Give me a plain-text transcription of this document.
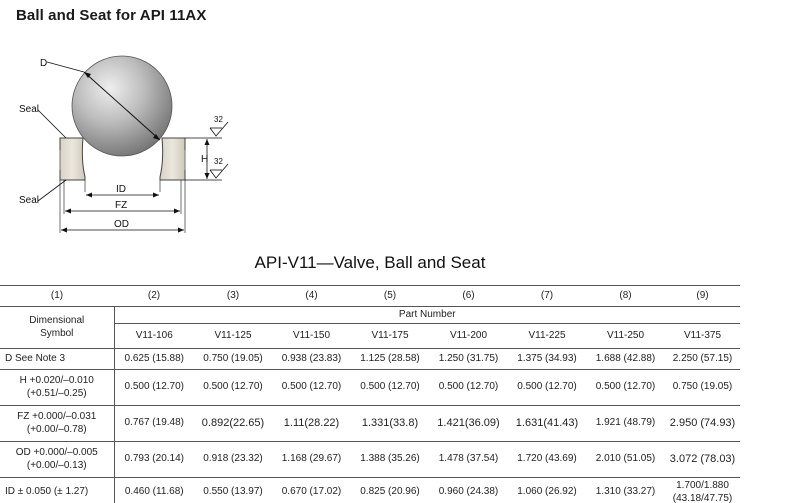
Ball and Seat for API 11AX
D
Seal
Seal
H
32
32
ID
FZ
OD
API-V11—Valve, Ball and Seat
(1)	(2)	(3)	(4)	(5)	(6)	(7)	(8)	(9)
Dimensional Symbol	Part Number							
	V11-106	V11-125	V11-150	V11-175	V11-200	V11-225	V11-250	V11-375
D See Note 3	0.625 (15.88)	0.750 (19.05)	0.938 (23.83)	1.125 (28.58)	1.250 (31.75)	1.375 (34.93)	1.688 (42.88)	2.250 (57.15)

H +0.020/–0.010
(+0.51/–0.25)	0.500 (12.70)	0.500 (12.70)	0.500 (12.70)	0.500 (12.70)	0.500 (12.70)	0.500 (12.70)	0.500 (12.70)	0.750 (19.05)

FZ +0.000/–0.031
(+0.00/–0.78)	0.767 (19.48)	0.892(22.65)	1.11(28.22)	1.331(33.8)	1.421(36.09)	1.631(41.43)	1.921 (48.79)	2.950 (74.93)

OD +0.000/–0.005
(+0.00/–0.13)	0.793 (20.14)	0.918 (23.32)	1.168 (29.67)	1.388 (35.26)	1.478 (37.54)	1.720 (43.69)	2.010 (51.05)	3.072 (78.03)
ID ± 0.050 (± 1.27)	0.460 (11.68)	0.550 (13.97)	0.670 (17.02)	0.825 (20.96)	0.960 (24.38)	1.060 (26.92)	1.310 (33.27)	1.700/1.880
(43.18/47.75)
